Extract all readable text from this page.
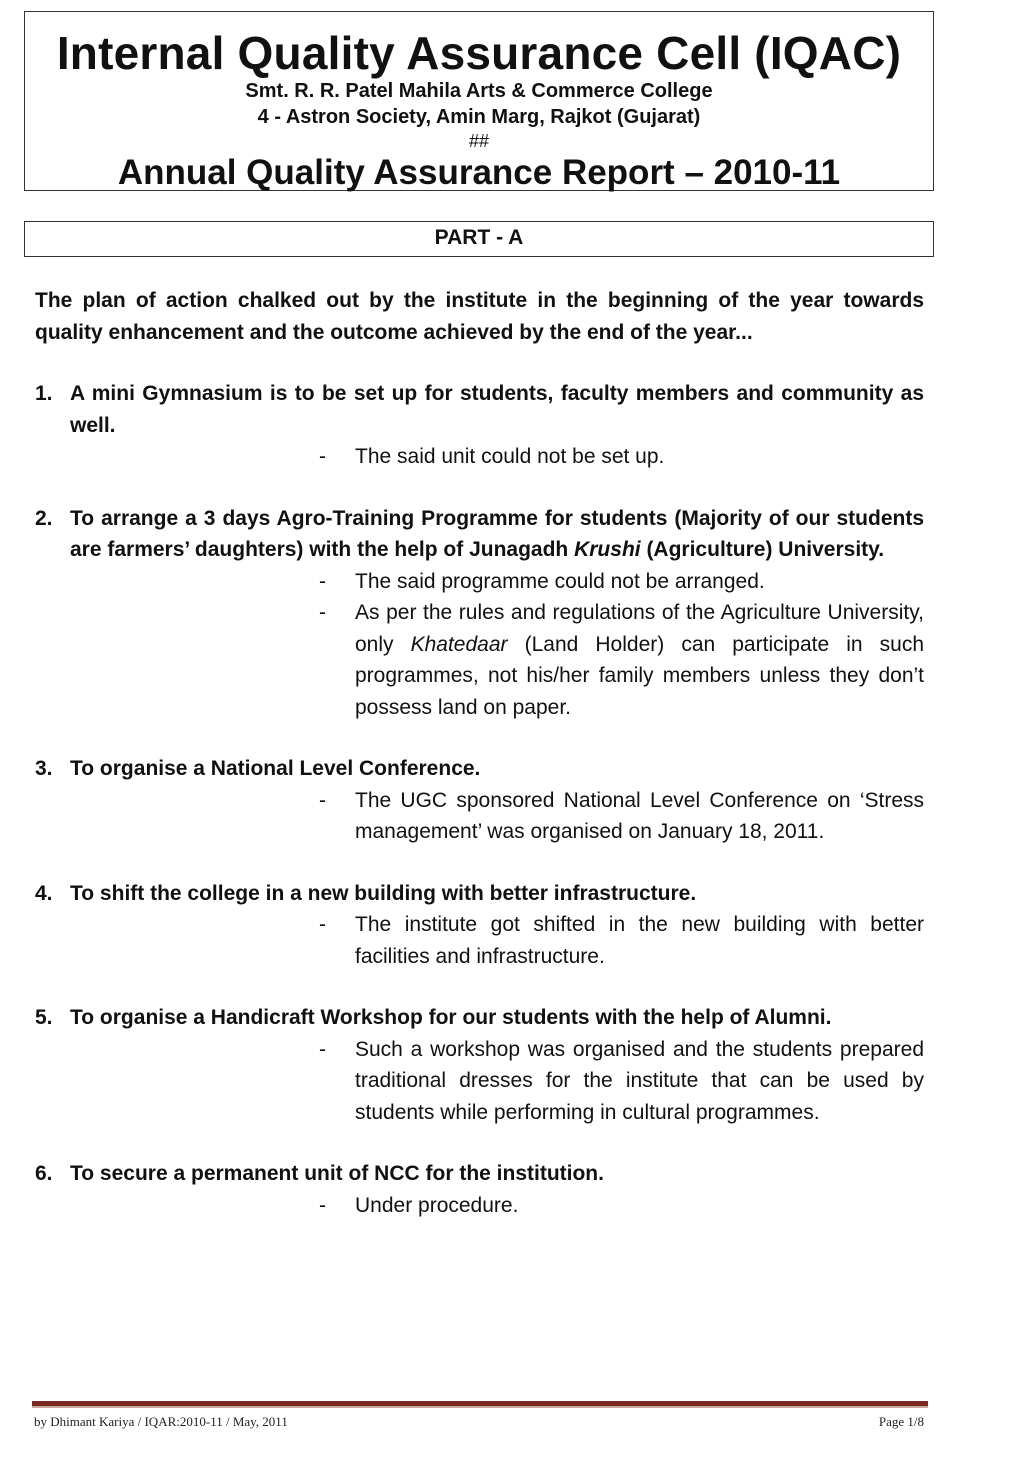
Internal Quality Assurance Cell (IQAC)
Smt. R. R. Patel Mahila Arts & Commerce College
4 - Astron Society, Amin Marg, Rajkot (Gujarat)
##
Annual Quality Assurance Report – 2010-11
PART - A
The plan of action chalked out by the institute in the beginning of the year towards quality enhancement and the outcome achieved by the end of the year...
1. A mini Gymnasium is to be set up for students, faculty members and community as well.
-	The said unit could not be set up.
2. To arrange a 3 days Agro-Training Programme for students (Majority of our students are farmers’ daughters) with the help of Junagadh Krushi (Agriculture) University.
-	The said programme could not be arranged.
-	As per the rules and regulations of the Agriculture University, only Khatedaar (Land Holder) can participate in such programmes, not his/her family members unless they don’t possess land on paper.
3. To organise a National Level Conference.
-	The UGC sponsored National Level Conference on ‘Stress management’ was organised on January 18, 2011.
4. To shift the college in a new building with better infrastructure.
-	The institute got shifted in the new building with better facilities and infrastructure.
5. To organise a Handicraft Workshop for our students with the help of Alumni.
-	Such a workshop was organised and the students prepared traditional dresses for the institute that can be used by students while performing in cultural programmes.
6. To secure a permanent unit of NCC for the institution.
-	Under procedure.
by Dhimant Kariya / IQAR:2010-11 / May, 2011	Page 1/8
